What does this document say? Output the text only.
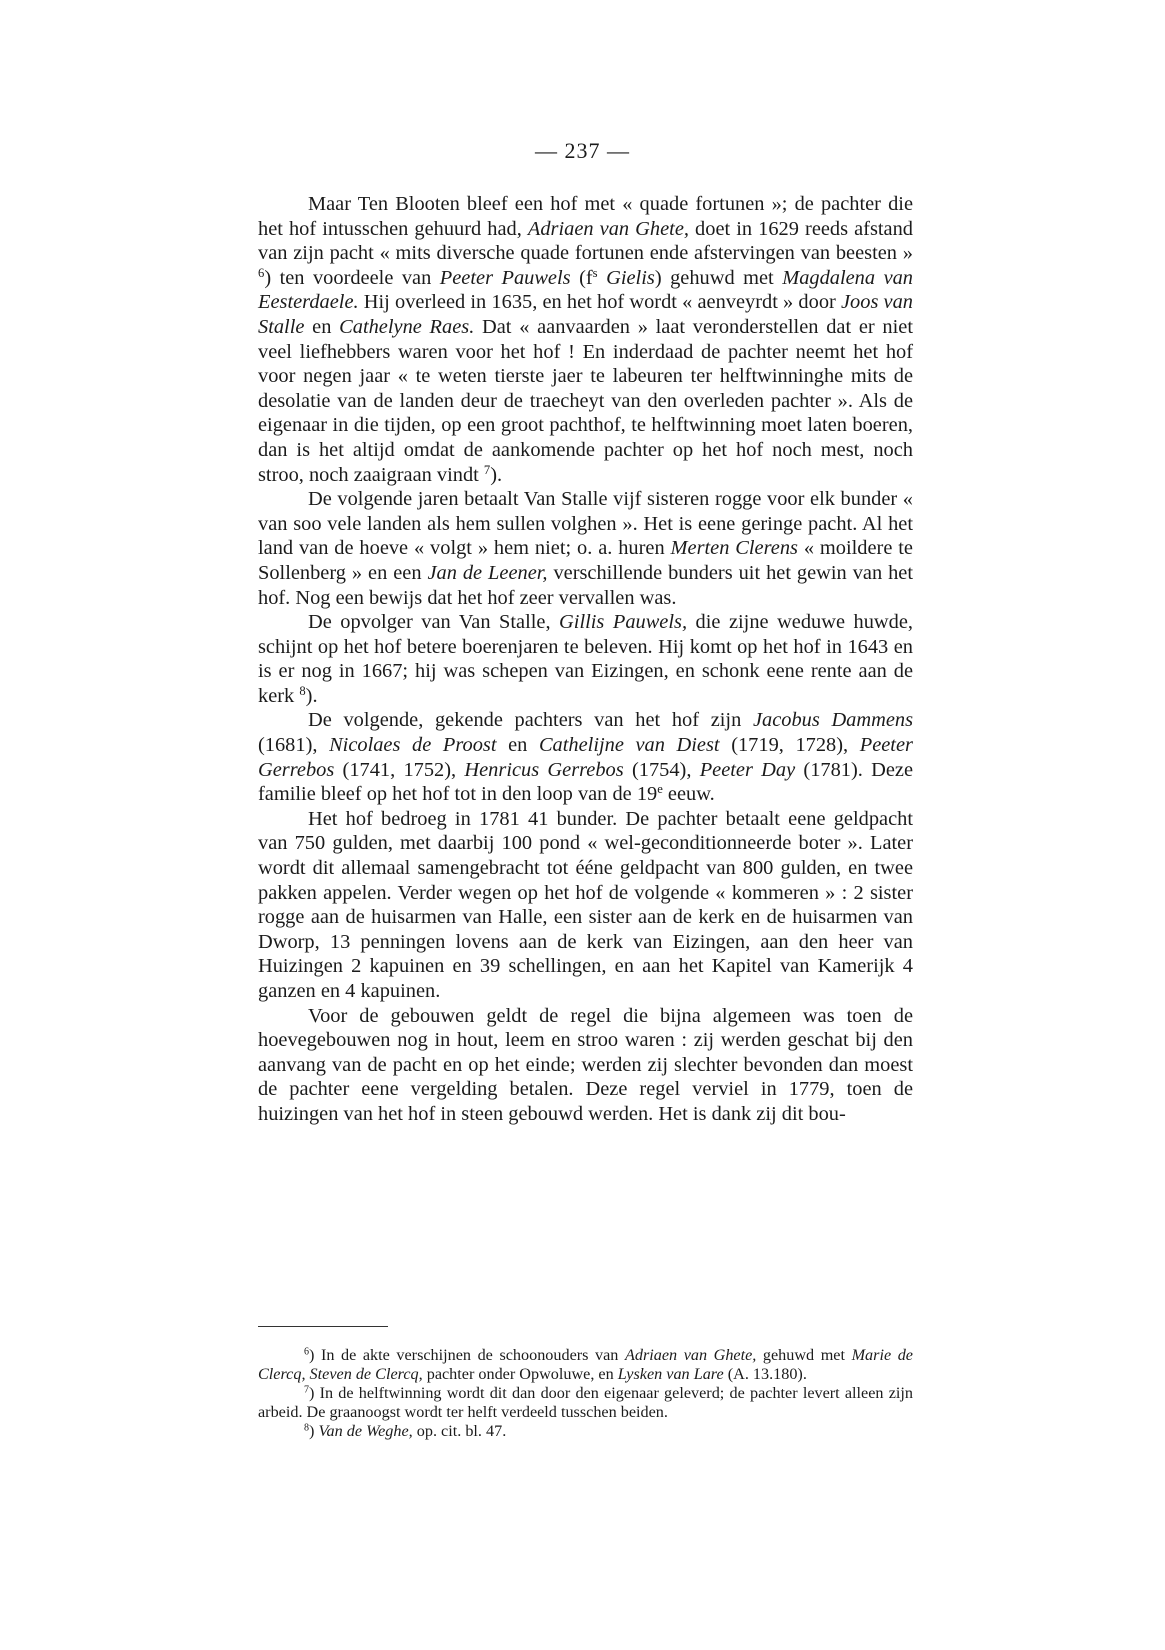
— 237 —

Maar Ten Blooten bleef een hof met « quade fortunen »; de pachter die het hof intusschen gehuurd had, Adriaen van Ghete, doet in 1629 reeds afstand van zijn pacht « mits diversche quade fortunen ende afstervingen van beesten » $^6$) ten voordeele van Peeter Pauwels ($f^s$ Gielis) gehuwd met Magdalena van Eesterdaele. Hij overleed in 1635, en het hof wordt « aenveyrdt » door Joos van Stalle en Cathelyne Raes. Dat « aanvaarden » laat veronderstellen dat er niet veel liefhebbers waren voor het hof ! En inderdaad de pachter neemt het hof voor negen jaar « te weten tierste jaer te labeuren ter helftwinninghe mits de desolatie van de landen deur de traecheyt van den overleden pachter ». Als de eigenaar in die tijden, op een groot pachthof, te helftwinning moet laten boeren, dan is het altijd omdat de aankomende pachter op het hof noch mest, noch stroo, noch zaaigraan vindt $^7$).

De volgende jaren betaalt Van Stalle vijf sisteren rogge voor elk bunder « van soo vele landen als hem sullen volghen ». Het is eene geringe pacht. Al het land van de hoeve « volgt » hem niet; o. a. huren Merten Clerens « moildere te Sollenberg » en een Jan de Leener, verschillende bunders uit het gewin van het hof. Nog een bewijs dat het hof zeer vervallen was.

De opvolger van Van Stalle, Gillis Pauwels, die zijne weduwe huwde, schijnt op het hof betere boerenjaren te beleven. Hij komt op het hof in 1643 en is er nog in 1667; hij was schepen van Eizingen, en schonk eene rente aan de kerk $^8$).

De volgende, gekende pachters van het hof zijn Jacobus Dammens (1681), Nicolaes de Proost en Cathelijne van Diest (1719, 1728), Peeter Gerrebos (1741, 1752), Henricus Gerrebos (1754), Peeter Day (1781). Deze familie bleef op het hof tot in den loop van de 19e eeuw.

Het hof bedroeg in 1781 41 bunder. De pachter betaalt eene geldpacht van 750 gulden, met daarbij 100 pond « wel-geconditionneerde boter ». Later wordt dit allemaal samengebracht tot ééne geldpacht van 800 gulden, en twee pakken appelen. Verder wegen op het hof de volgende « kommeren » : 2 sister rogge aan de huisarmen van Halle, een sister aan de kerk en de huisarmen van Dworp, 13 penningen lovens aan de kerk van Eizingen, aan den heer van Huizingen 2 kapuinen en 39 schellingen, en aan het Kapitel van Kamerijk 4 ganzen en 4 kapuinen.

Voor de gebouwen geldt de regel die bijna algemeen was toen de hoevegebouwen nog in hout, leem en stroo waren : zij werden geschat bij den aanvang van de pacht en op het einde; werden zij slechter bevonden dan moest de pachter eene vergelding betalen. Deze regel verviel in 1779, toen de huizingen van het hof in steen gebouwd werden. Het is dank zij dit bou-

$^6$) In de akte verschijnen de schoonouders van Adriaen van Ghete, gehuwd met Marie de Clercq, Steven de Clercq, pachter onder Opwoluwe, en Lysken van Lare (A. 13.180).

$^7$) In de helftwinning wordt dit dan door den eigenaar geleverd; de pachter levert alleen zijn arbeid. De graanoogst wordt ter helft verdeeld tusschen beiden.

$^8$) Van de Weghe, op. cit. bl. 47.
